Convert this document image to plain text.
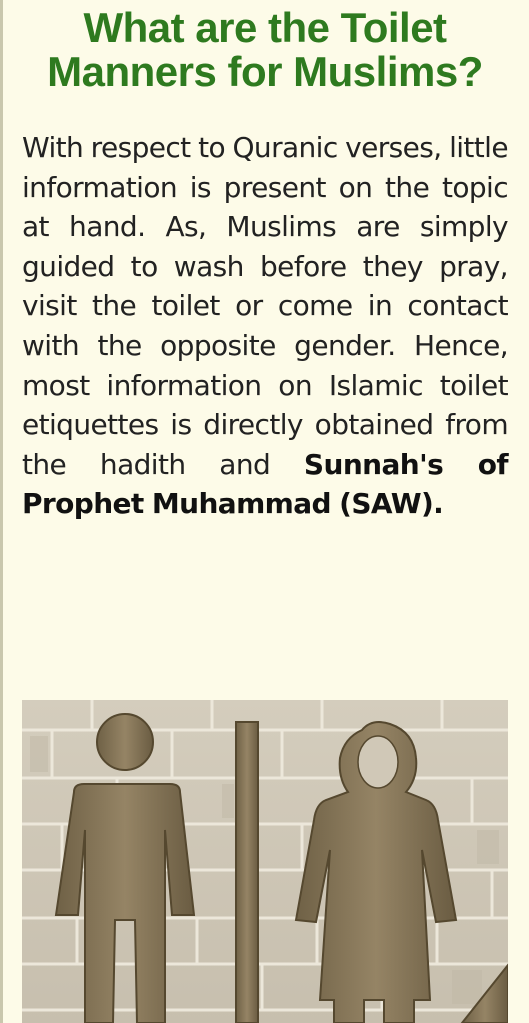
What are the Toilet Manners for Muslims?

With respect to Quranic verses, little information is present on the topic at hand. As, Muslims are simply guided to wash before they pray, visit the toilet or come in contact with the opposite gender. Hence, most information on Islamic toilet etiquettes is directly obtained from the hadith and Sunnah's of Prophet Muhammad (SAW).
